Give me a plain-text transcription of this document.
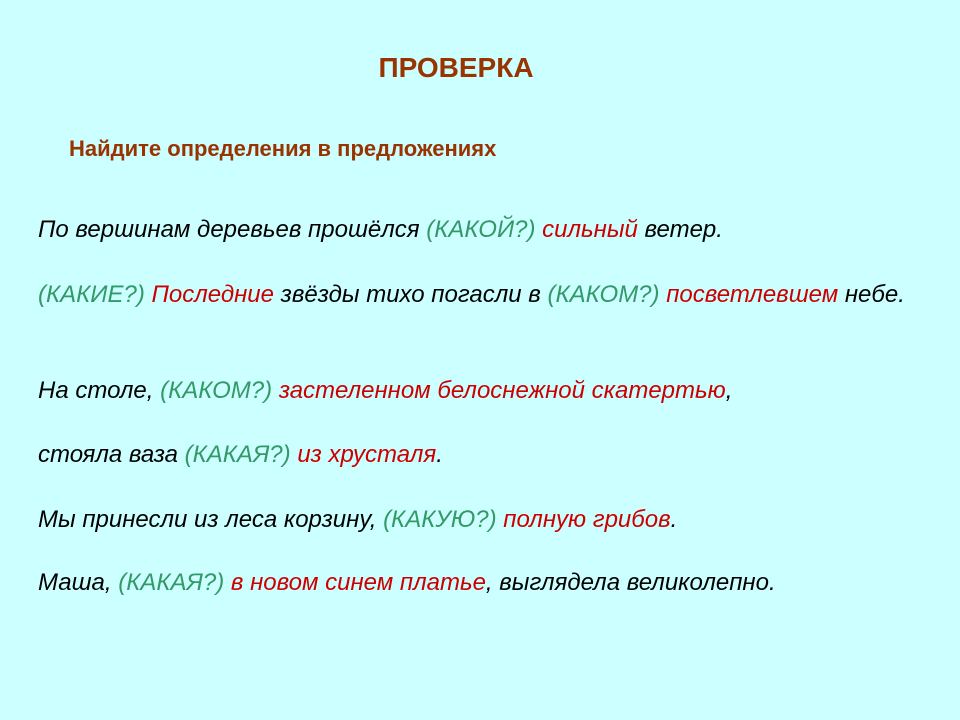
ПРОВЕРКА
Найдите определения в предложениях

По вершинам деревьев прошёлся (КАКОЙ?) сильный ветер.

(КАКИЕ?) Последние звёзды тихо погасли в (КАКОМ?) посветлевшем небе.

На столе, (КАКОМ?) застеленном белоснежной скатертью,

стояла ваза (КАКАЯ?) из хрусталя.

Мы принесли из леса корзину, (КАКУЮ?) полную грибов.

Маша, (КАКАЯ?) в новом синем платье, выглядела великолепно.
